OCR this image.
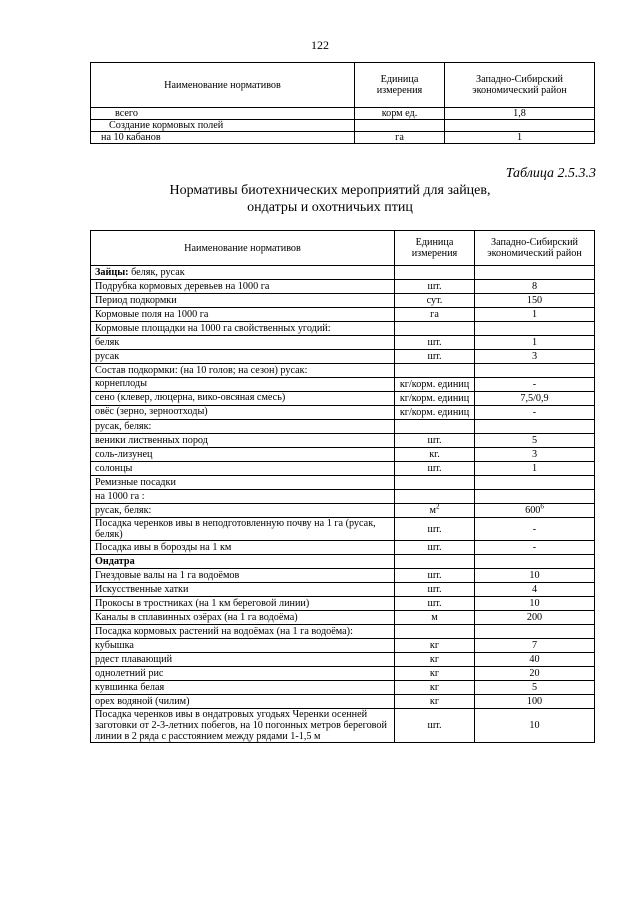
122
Наименование нормативов	Единица измерения	Западно-Сибирский экономический район
всего	корм ед.	1,8
Создание кормовых полей		
на 10 кабанов	га	1
Таблица 2.5.3.3
Нормативы биотехнических мероприятий для зайцев,
ондатры и охотничьих птиц
Наименование нормативов	Единица измерения	Западно-Сибирский экономический район
Зайцы: беляк, русак		
Подрубка кормовых деревьев на 1000 га	шт.	8
Период подкормки	сут.	150
Кормовые поля на 1000 га	га	1
Кормовые площадки на 1000 га свойственных угодий:		
беляк	шт.	1
русак	шт.	3
Состав подкормки: (на 10 голов; на сезон) русак:		
корнеплоды	кг/корм. единиц	-
сено (клевер, люцерна, вико-овсяная смесь)	кг/корм. единиц	7,5/0,9
овёс (зерно, зерноотходы)	кг/корм. единиц	-
русак, беляк:		
веники лиственных пород	шт.	5
соль-лизунец	кг.	3
солонцы	шт.	1
Ремизные посадки		
на 1000 га :		
русак, беляк:	$м^2$	$600^6$
Посадка черенков ивы в неподготовленную почву на 1 га (русак, беляк)	шт.	-
Посадка ивы в борозды на 1 км	шт.	-
Ондатра		
Гнездовые валы на 1 га водоёмов	шт.	10
Искусственные хатки	шт.	4
Прокосы в тростниках (на 1 км береговой линии)	шт.	10
Каналы в сплавинных озёрах (на 1 га водоёма)	м	200
Посадка кормовых растений на водоёмах (на 1 га водоёма):		
кубышка	кг	7
рдест плавающий	кг	40
однолетний рис	кг	20
кувшинка белая	кг	5
орех водяной (чилим)	кг	100
Посадка черенков ивы в ондатровых угодьях Черенки осенней заготовки от 2-3-летних побегов, на 10 погонных метров береговой линии в 2 ряда с расстоянием между рядами 1-1,5 м	шт.	10
